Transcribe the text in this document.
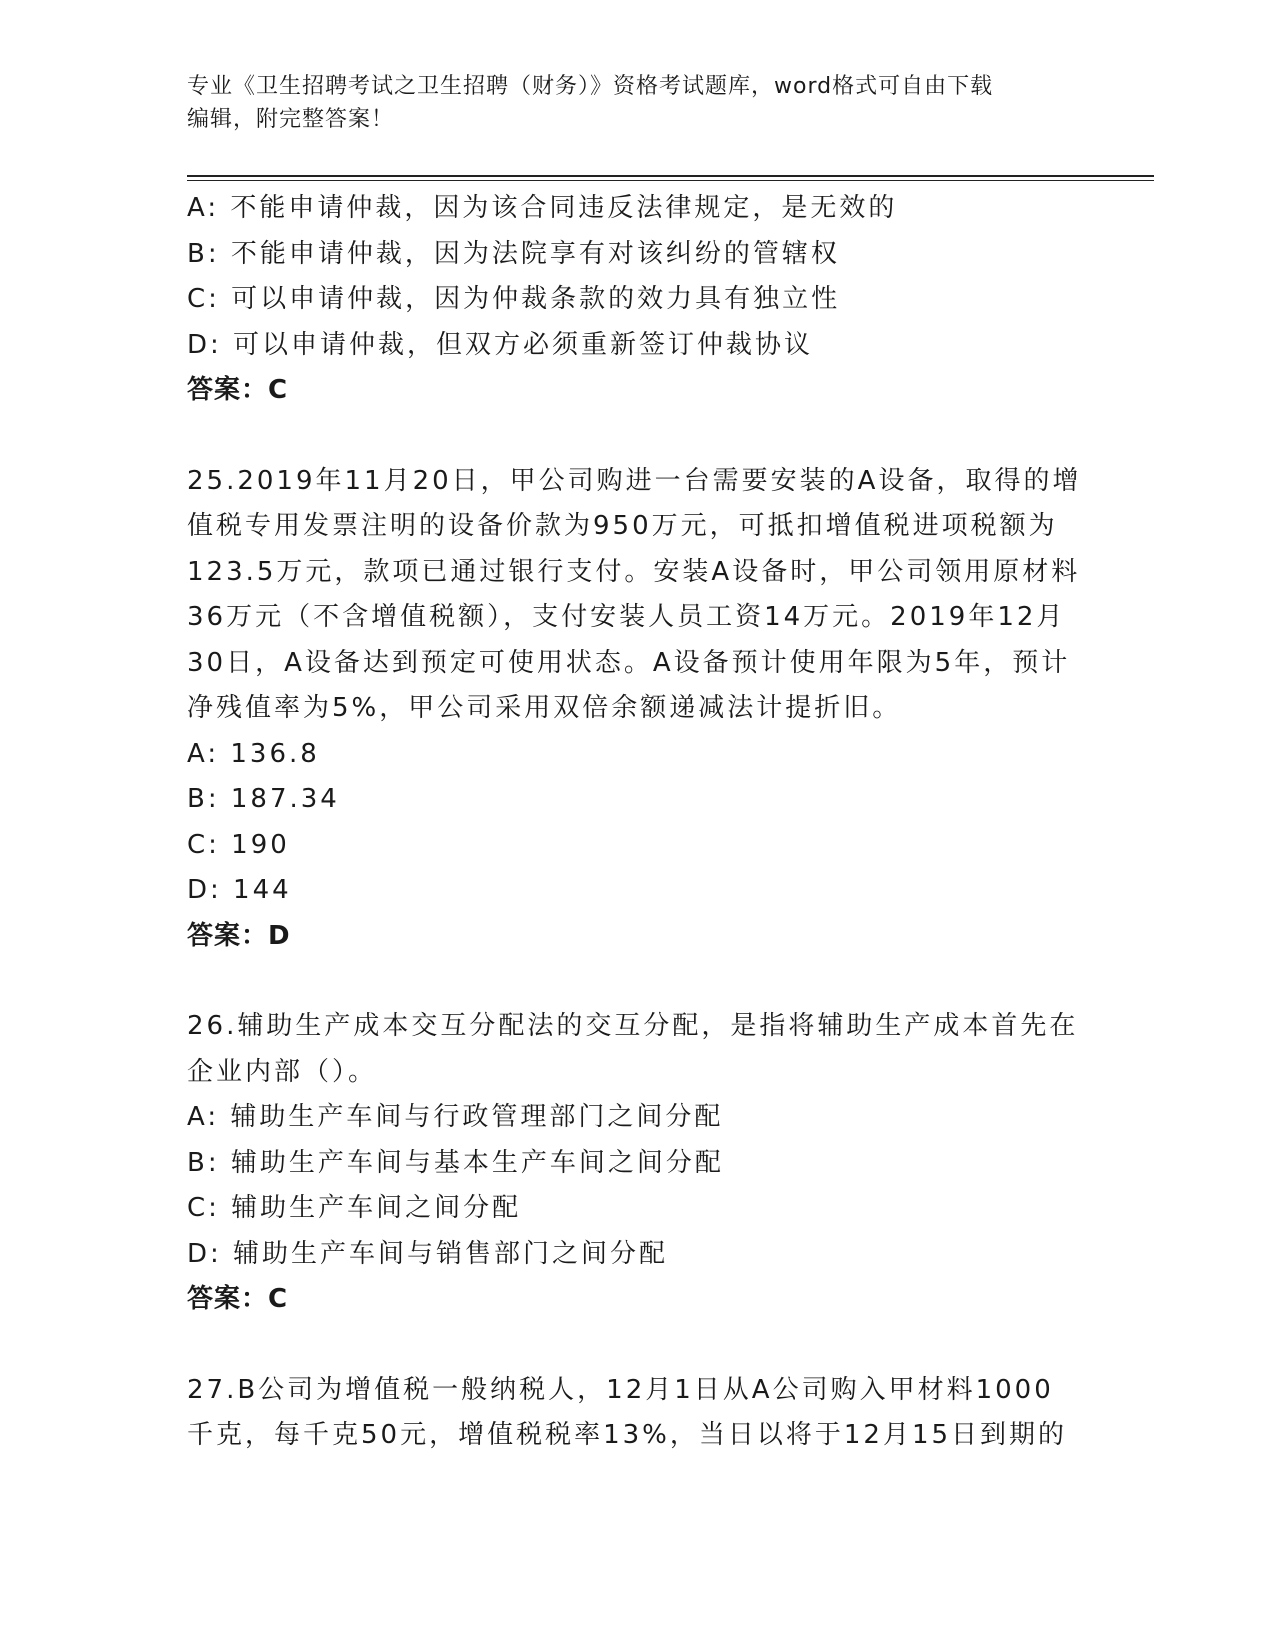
专业《卫生招聘考试之卫生招聘（财务）》资格考试题库，word格式可自由下载
编辑，附完整答案！
A: 不能申请仲裁，因为该合同违反法律规定，是无效的
B: 不能申请仲裁，因为法院享有对该纠纷的管辖权
C: 可以申请仲裁，因为仲裁条款的效力具有独立性
D: 可以申请仲裁，但双方必须重新签订仲裁协议
答案：C
25.2019年11月20日，甲公司购进一台需要安装的A设备，取得的增
值税专用发票注明的设备价款为950万元，可抵扣增值税进项税额为
123.5万元，款项已通过银行支付。安装A设备时，甲公司领用原材料
36万元（不含增值税额），支付安装人员工资14万元。2019年12月
30日，A设备达到预定可使用状态。A设备预计使用年限为5年，预计
净残值率为5%，甲公司采用双倍余额递减法计提折旧。
A: 136.8
B: 187.34
C: 190
D: 144
答案：D
26.辅助生产成本交互分配法的交互分配，是指将辅助生产成本首先在
企业内部（）。
A: 辅助生产车间与行政管理部门之间分配
B: 辅助生产车间与基本生产车间之间分配
C: 辅助生产车间之间分配
D: 辅助生产车间与销售部门之间分配
答案：C
27.B公司为增值税一般纳税人，12月1日从A公司购入甲材料1000
千克，每千克50元，增值税税率13%，当日以将于12月15日到期的
